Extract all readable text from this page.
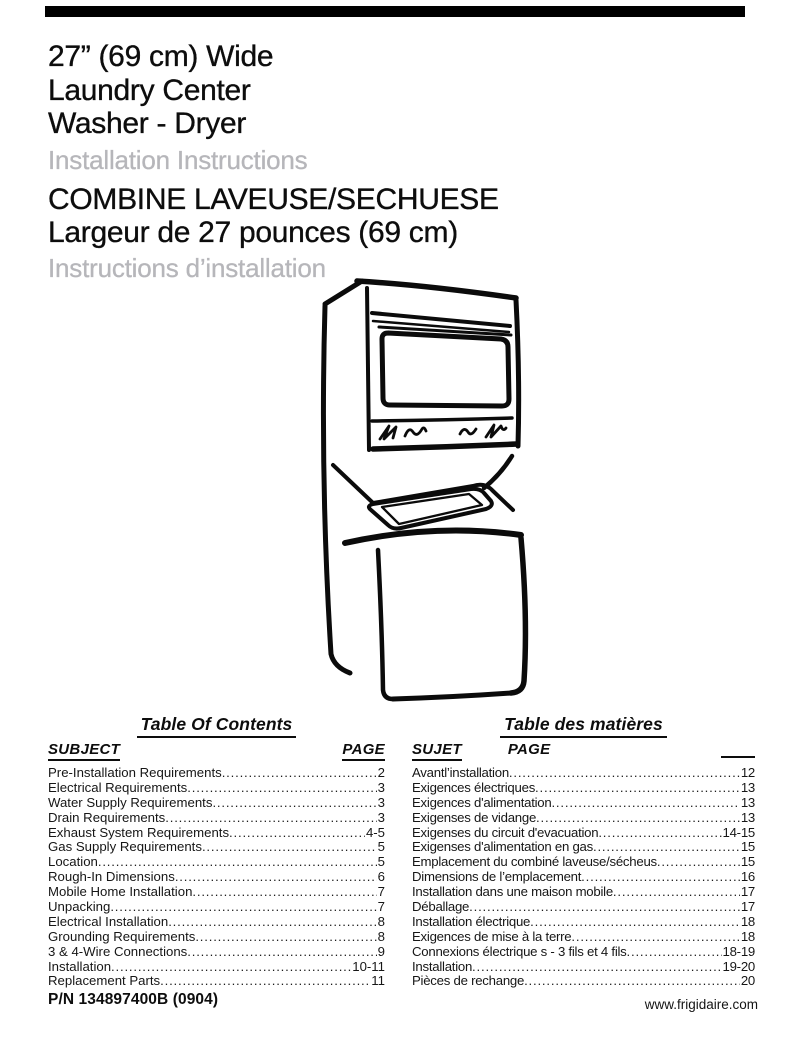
27” (69 cm) Wide
Laundry Center
Washer - Dryer
Installation Instructions
COMBINE LAVEUSE/SECHUESE
Largeur de 27 pounces (69 cm)
Instructions d’installation
Table Of Contents
SUBJECT	PAGE
Pre-Installation Requirements .....	2
Electrical Requirements .....	3
Water Supply Requirements .....	3
Drain Requirements .....	3
Exhaust System Requirements .....	4-5
Gas Supply Requirements .....	5
Location .....	5
Rough-In Dimensions .....	6
Mobile Home Installation .....	7
Unpacking .....	7
Electrical Installation .....	8
Grounding Requirements .....	8
3 & 4-Wire Connections .....	9
Installation .....	10-11
Replacement Parts .....	11
Table des matières
SUJET	PAGE
Avantl’installation .....	12
Exigences électriques .....	13
Exigences d'alimentation .....	13
Exigenses de vidange .....	13
Exigenses du circuit d'evacuation .....	14-15
Exigenses d'alimentation en gas .....	15
Emplacement du combiné laveuse/sécheus .....	15
Dimensions de l’emplacement .....	16
Installation dans une maison mobile .....	17
Déballage .....	17
Installation électrique .....	18
Exigences de mise à la terre .....	18
Connexions électrique s - 3 fils et 4 fils .....	18-19
Installation .....	19-20
Pièces de rechange .....	20
P/N 134897400B (0904)	www.frigidaire.com
